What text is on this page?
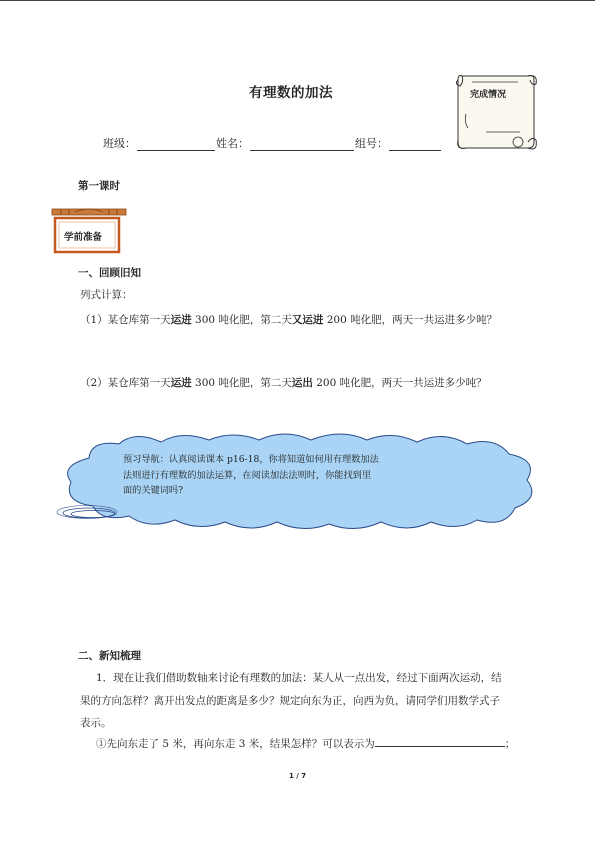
有理数的加法	完成情况
班级：	姓名：	组号：
第一课时
学前准备
一、回顾旧知
列式计算：
（1）某仓库第一天运进 300 吨化肥，第二天又运进 200 吨化肥，两天一共运进多少吨？
（2）某仓库第一天运进 300 吨化肥，第二天运出 200 吨化肥，两天一共运进多少吨？
预习导航：认真阅读课本 p16-18，你将知道如何用有理数加法
法则进行有理数的加法运算，在阅读加法法则时，你能找到里
面的关键词吗?
二、新知梳理
1．现在让我们借助数轴来讨论有理数的加法：某人从一点出发，经过下面两次运动，结
果的方向怎样？离开出发点的距离是多少？规定向东为正，向西为负，请同学们用数学式子
表示。
①先向东走了 5 米，再向东走 3 米，结果怎样？可以表示为	；
1 / 7
